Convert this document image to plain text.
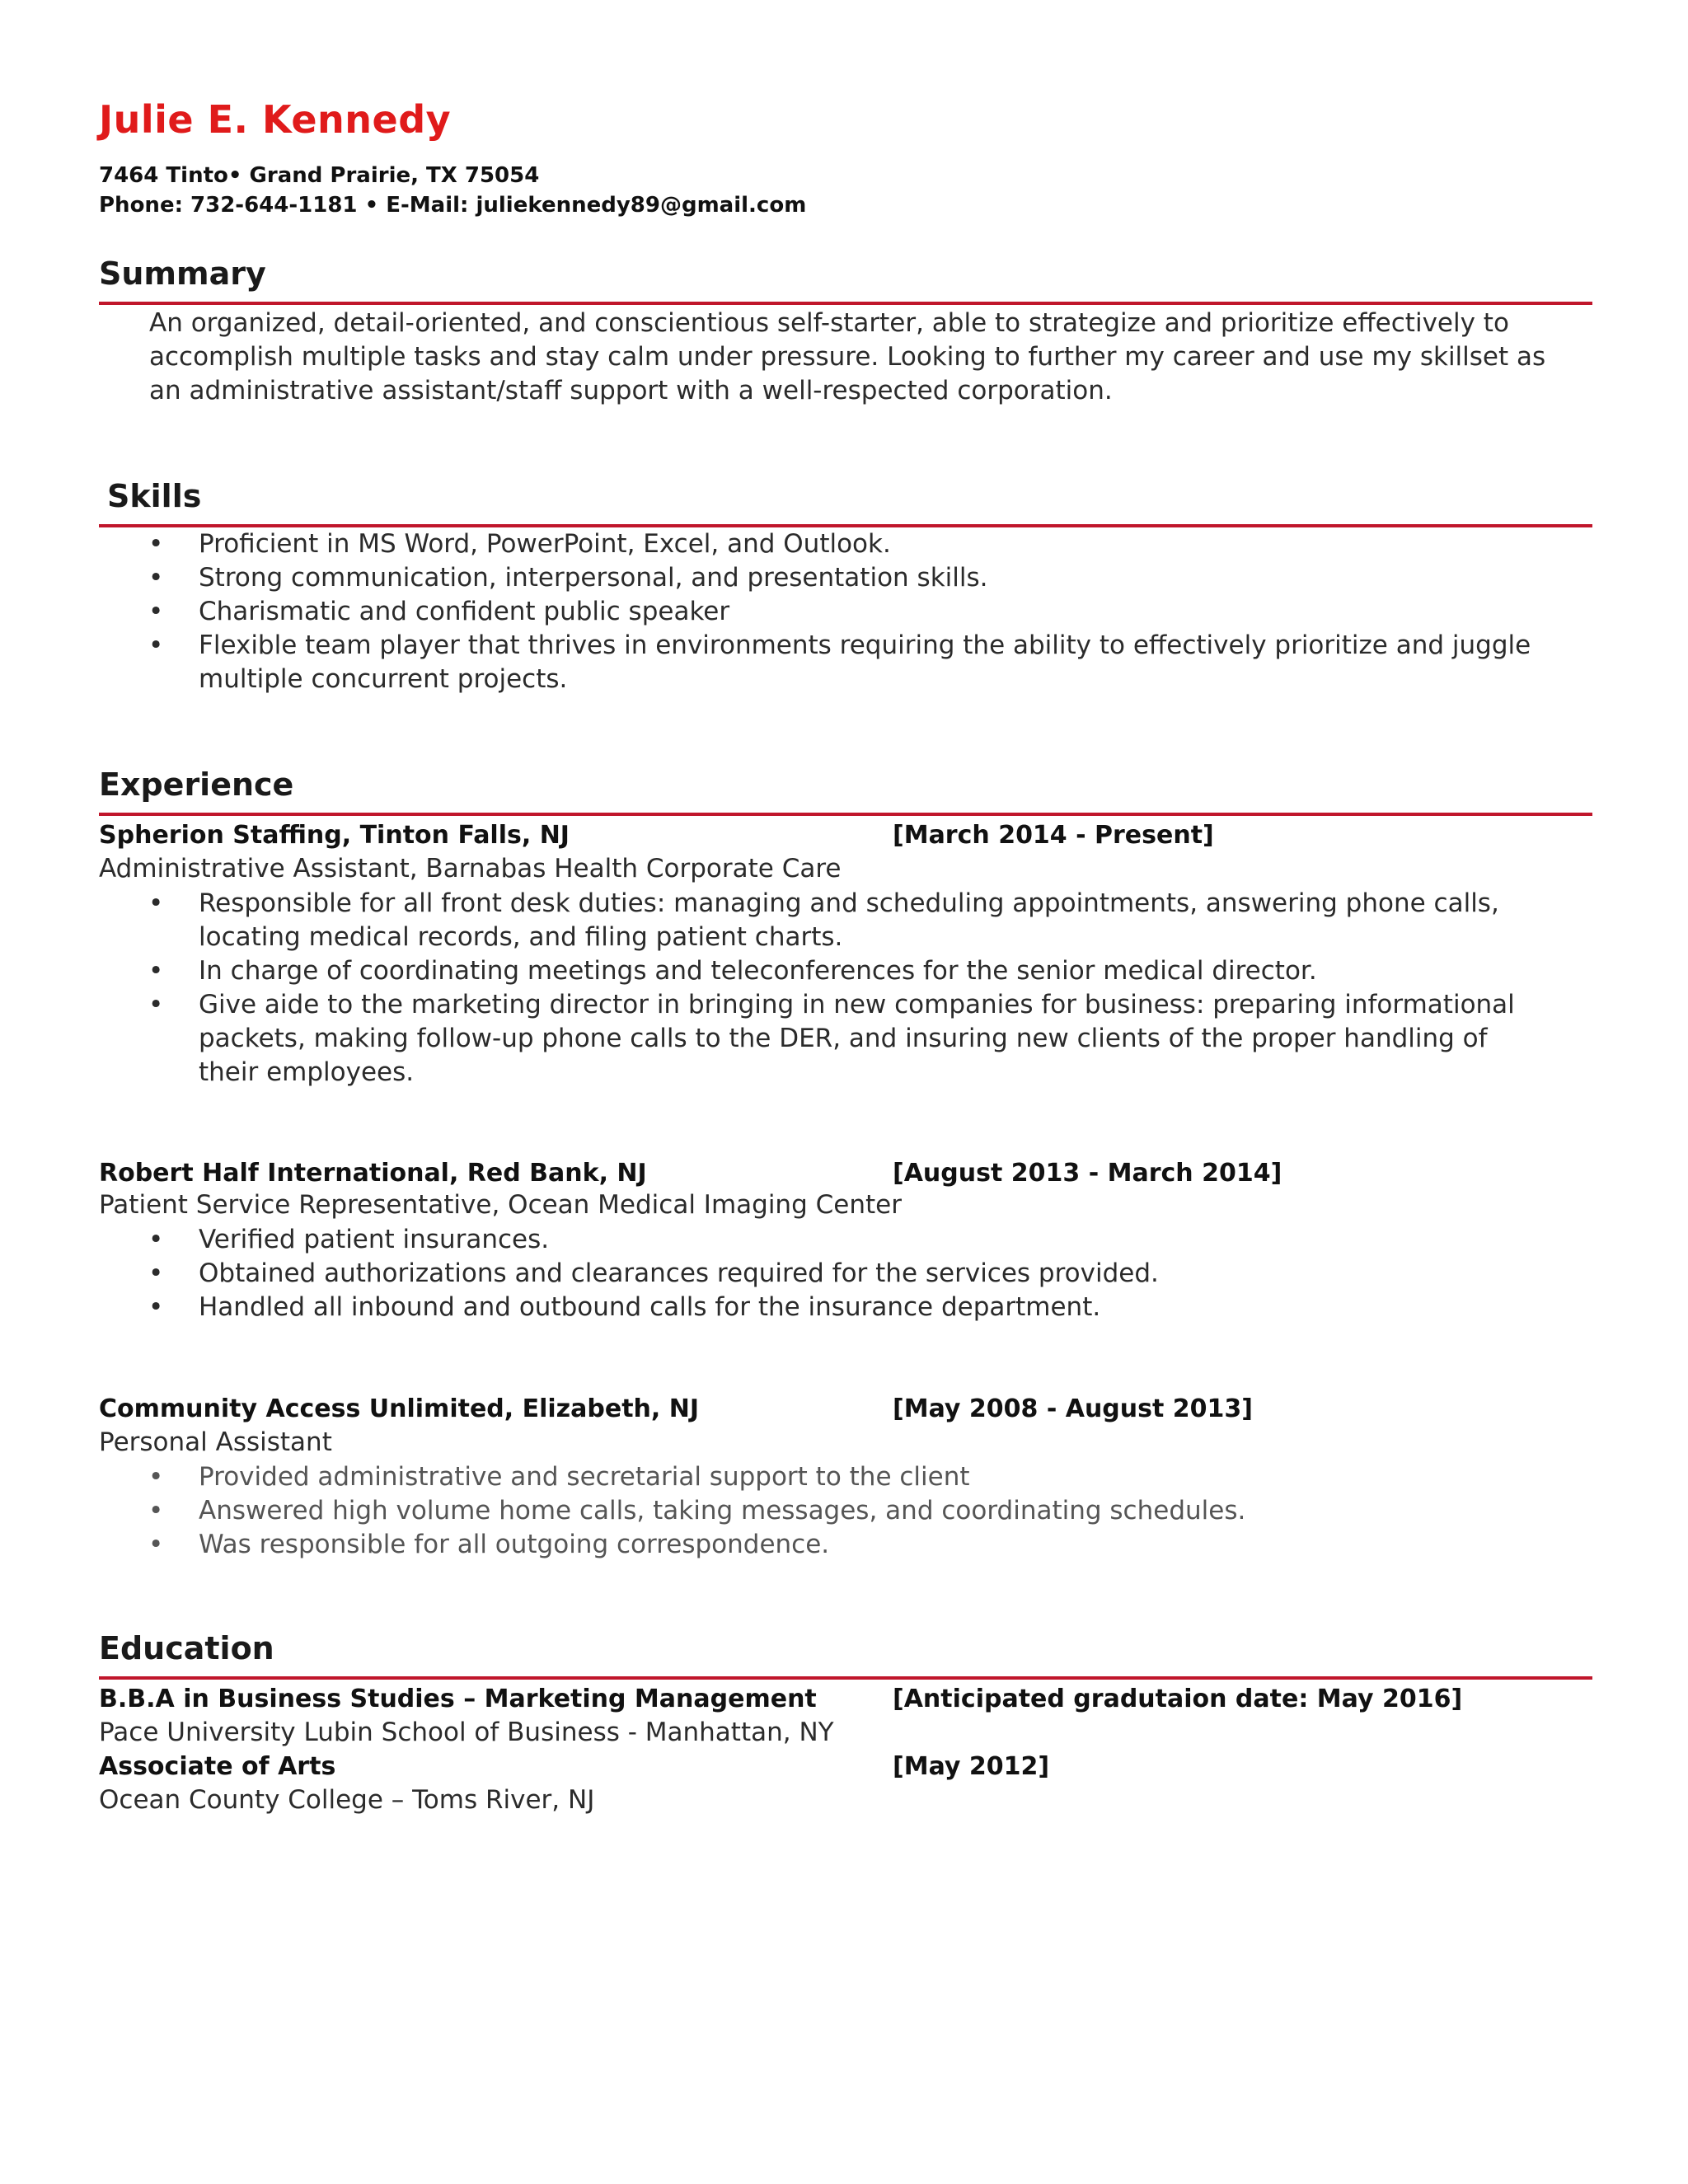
Julie E. Kennedy
7464 Tinto• Grand Prairie, TX 75054
Phone: 732-644-1181 • E-Mail: juliekennedy89@gmail.com
Summary
An organized, detail-oriented, and conscientious self-starter, able to strategize and prioritize effectively to
accomplish multiple tasks and stay calm under pressure. Looking to further my career and use my skillset as
an administrative assistant/staff support with a well-respected corporation.
Skills
•	Proficient in MS Word, PowerPoint, Excel, and Outlook.
•	Strong communication, interpersonal, and presentation skills.
•	Charismatic and confident public speaker
•	Flexible team player that thrives in environments requiring the ability to effectively prioritize and juggle
multiple concurrent projects.
Experience
Spherion Staffing, Tinton Falls, NJ	[March 2014 - Present]
Administrative Assistant, Barnabas Health Corporate Care
•	Responsible for all front desk duties: managing and scheduling appointments, answering phone calls,
locating medical records, and filing patient charts.
•	In charge of coordinating meetings and teleconferences for the senior medical director.
•	Give aide to the marketing director in bringing in new companies for business: preparing informational
packets, making follow-up phone calls to the DER, and insuring new clients of the proper handling of
their employees.
Robert Half International, Red Bank, NJ	[August 2013 - March 2014]
Patient Service Representative, Ocean Medical Imaging Center
•	Verified patient insurances.
•	Obtained authorizations and clearances required for the services provided.
•	Handled all inbound and outbound calls for the insurance department.
Community Access Unlimited, Elizabeth, NJ	[May 2008 - August 2013]
Personal Assistant
•	Provided administrative and secretarial support to the client
•	Answered high volume home calls, taking messages, and coordinating schedules.
•	Was responsible for all outgoing correspondence.
Education
B.B.A in Business Studies – Marketing Management	[Anticipated gradutaion date: May 2016]
Pace University Lubin School of Business - Manhattan, NY
Associate of Arts	[May 2012]
Ocean County College – Toms River, NJ
